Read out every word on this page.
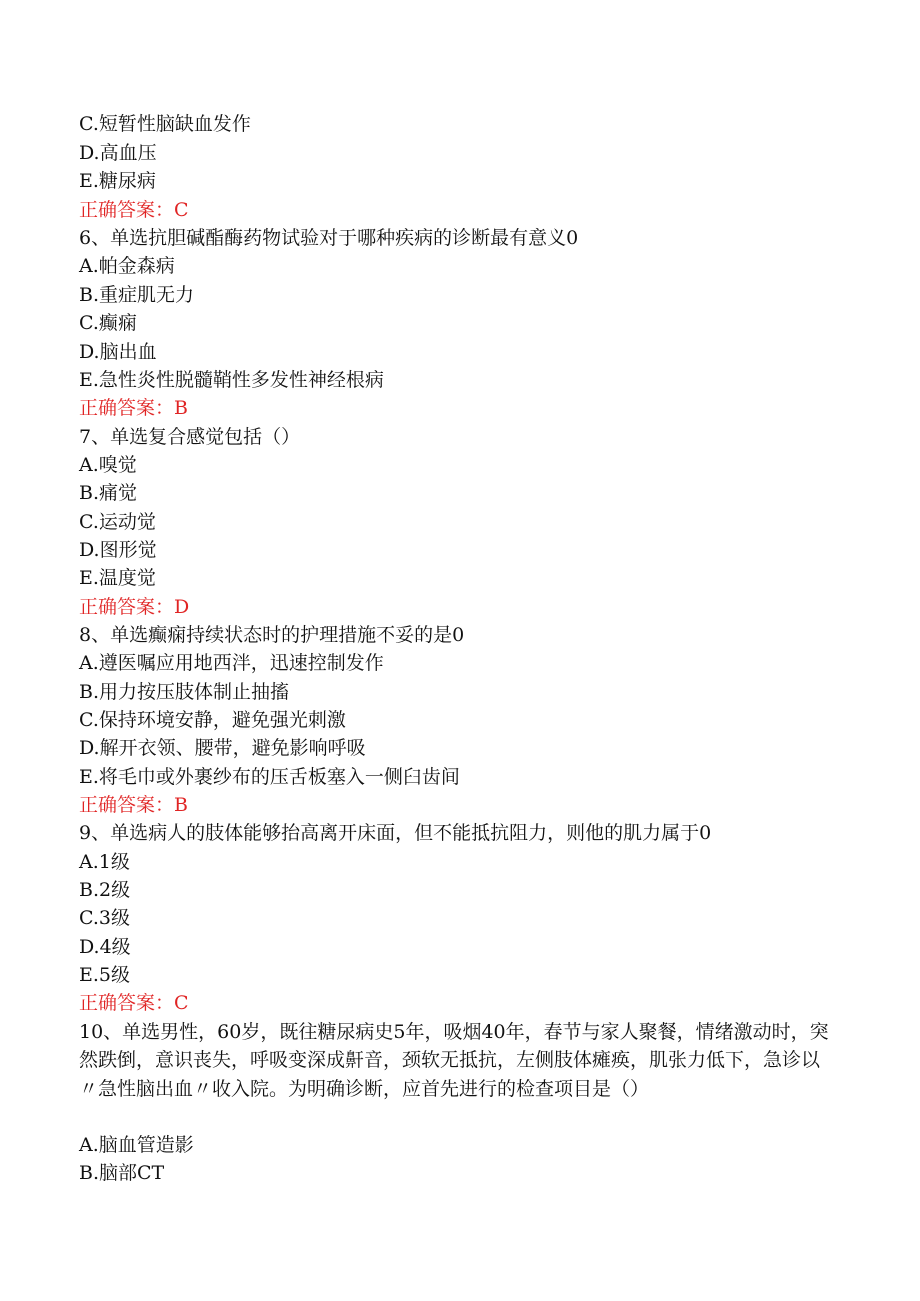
C.短暂性脑缺血发作
D.高血压
E.糖尿病
正确答案：C
6、单选抗胆碱酯酶药物试验对于哪种疾病的诊断最有意义0
A.帕金森病
B.重症肌无力
C.癫痫
D.脑出血
E.急性炎性脱髓鞘性多发性神经根病
正确答案：B
7、单选复合感觉包括（）
A.嗅觉
B.痛觉
C.运动觉
D.图形觉
E.温度觉
正确答案：D
8、单选癫痫持续状态时的护理措施不妥的是0
A.遵医嘱应用地西泮，迅速控制发作
B.用力按压肢体制止抽搐
C.保持环境安静，避免强光刺激
D.解开衣领、腰带，避免影响呼吸
E.将毛巾或外裹纱布的压舌板塞入一侧臼齿间
正确答案：B
9、单选病人的肢体能够抬高离开床面，但不能抵抗阻力，则他的肌力属于0
A.1级
B.2级
C.3级
D.4级
E.5级
正确答案：C
10、单选男性，60岁，既往糖尿病史5年，吸烟40年，春节与家人聚餐，情绪激动时，突然跌倒，意识丧失，呼吸变深成鼾音，颈软无抵抗，左侧肢体瘫痪，肌张力低下，急诊以〃急性脑出血〃收入院。为明确诊断，应首先进行的检查项目是（）
A.脑血管造影
B.脑部CT
